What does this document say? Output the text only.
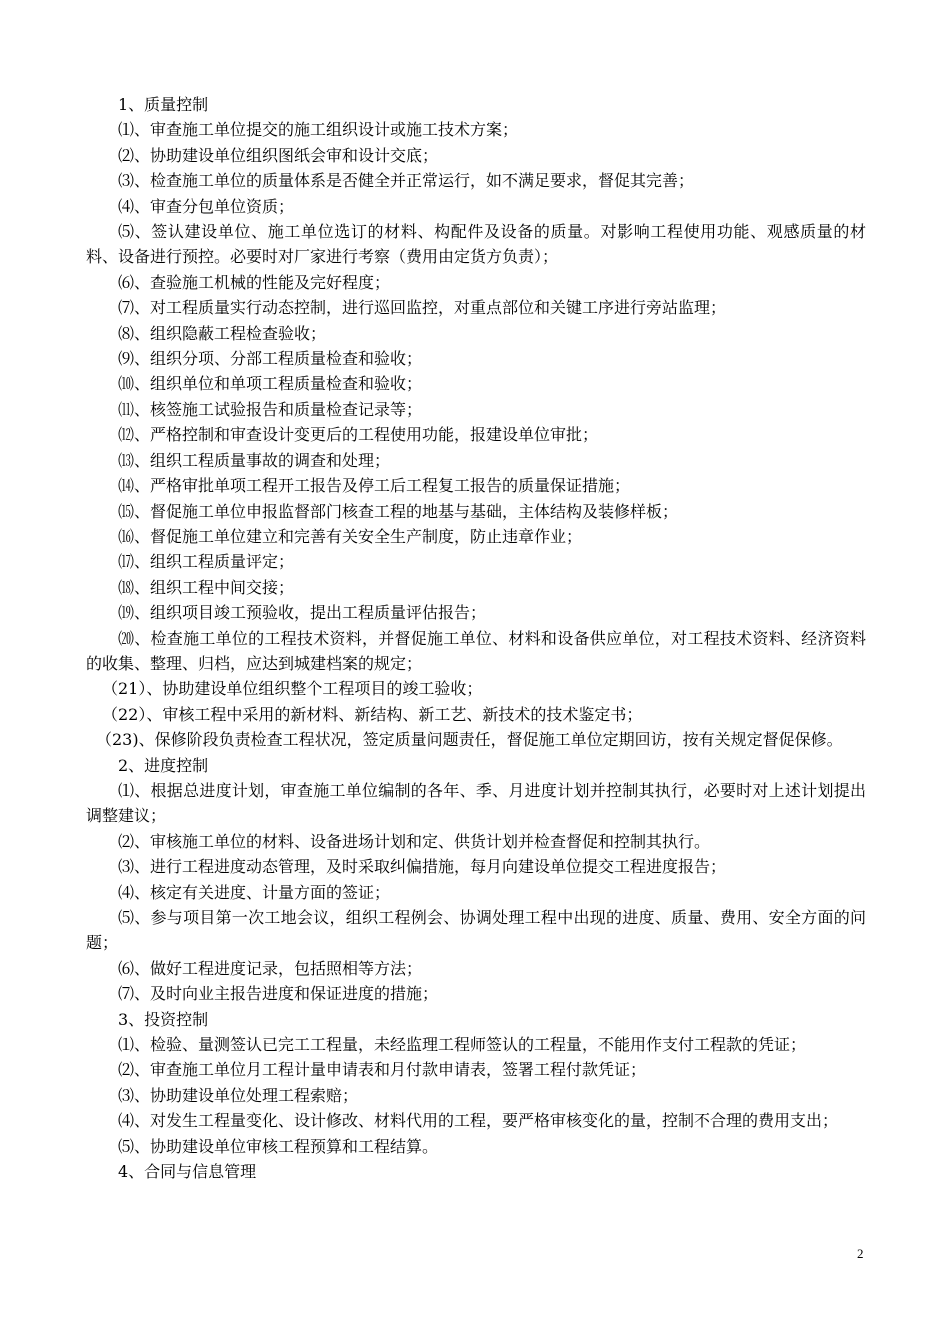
1、质量控制
⑴、审查施工单位提交的施工组织设计或施工技术方案；
⑵、协助建设单位组织图纸会审和设计交底；
⑶、检查施工单位的质量体系是否健全并正常运行，如不满足要求，督促其完善；
⑷、审查分包单位资质；
⑸、签认建设单位、施工单位选订的材料、构配件及设备的质量。对影响工程使用功能、观感质量的材料、设备进行预控。必要时对厂家进行考察（费用由定货方负责）；
⑹、查验施工机械的性能及完好程度；
⑺、对工程质量实行动态控制，进行巡回监控，对重点部位和关键工序进行旁站监理；
⑻、组织隐蔽工程检查验收；
⑼、组织分项、分部工程质量检查和验收；
⑽、组织单位和单项工程质量检查和验收；
⑾、核签施工试验报告和质量检查记录等；
⑿、严格控制和审查设计变更后的工程使用功能，报建设单位审批；
⒀、组织工程质量事故的调查和处理；
⒁、严格审批单项工程开工报告及停工后工程复工报告的质量保证措施；
⒂、督促施工单位申报监督部门核查工程的地基与基础，主体结构及装修样板；
⒃、督促施工单位建立和完善有关安全生产制度，防止违章作业；
⒄、组织工程质量评定；
⒅、组织工程中间交接；
⒆、组织项目竣工预验收，提出工程质量评估报告；
⒇、检查施工单位的工程技术资料，并督促施工单位、材料和设备供应单位，对工程技术资料、经济资料的收集、整理、归档，应达到城建档案的规定；
（21）、协助建设单位组织整个工程项目的竣工验收；
（22）、审核工程中采用的新材料、新结构、新工艺、新技术的技术鉴定书；
（23)、保修阶段负责检查工程状况，签定质量问题责任，督促施工单位定期回访，按有关规定督促保修。
2、进度控制
⑴、根据总进度计划，审查施工单位编制的各年、季、月进度计划并控制其执行，必要时对上述计划提出调整建议；
⑵、审核施工单位的材料、设备进场计划和定、供货计划并检查督促和控制其执行。
⑶、进行工程进度动态管理，及时采取纠偏措施，每月向建设单位提交工程进度报告；
⑷、核定有关进度、计量方面的签证；
⑸、参与项目第一次工地会议，组织工程例会、协调处理工程中出现的进度、质量、费用、安全方面的问题；
⑹、做好工程进度记录，包括照相等方法；
⑺、及时向业主报告进度和保证进度的措施；
3、投资控制
⑴、检验、量测签认已完工工程量，未经监理工程师签认的工程量，不能用作支付工程款的凭证；
⑵、审查施工单位月工程计量申请表和月付款申请表，签署工程付款凭证；
⑶、协助建设单位处理工程索赔；
⑷、对发生工程量变化、设计修改、材料代用的工程，要严格审核变化的量，控制不合理的费用支出；
⑸、协助建设单位审核工程预算和工程结算。
4、合同与信息管理
2
